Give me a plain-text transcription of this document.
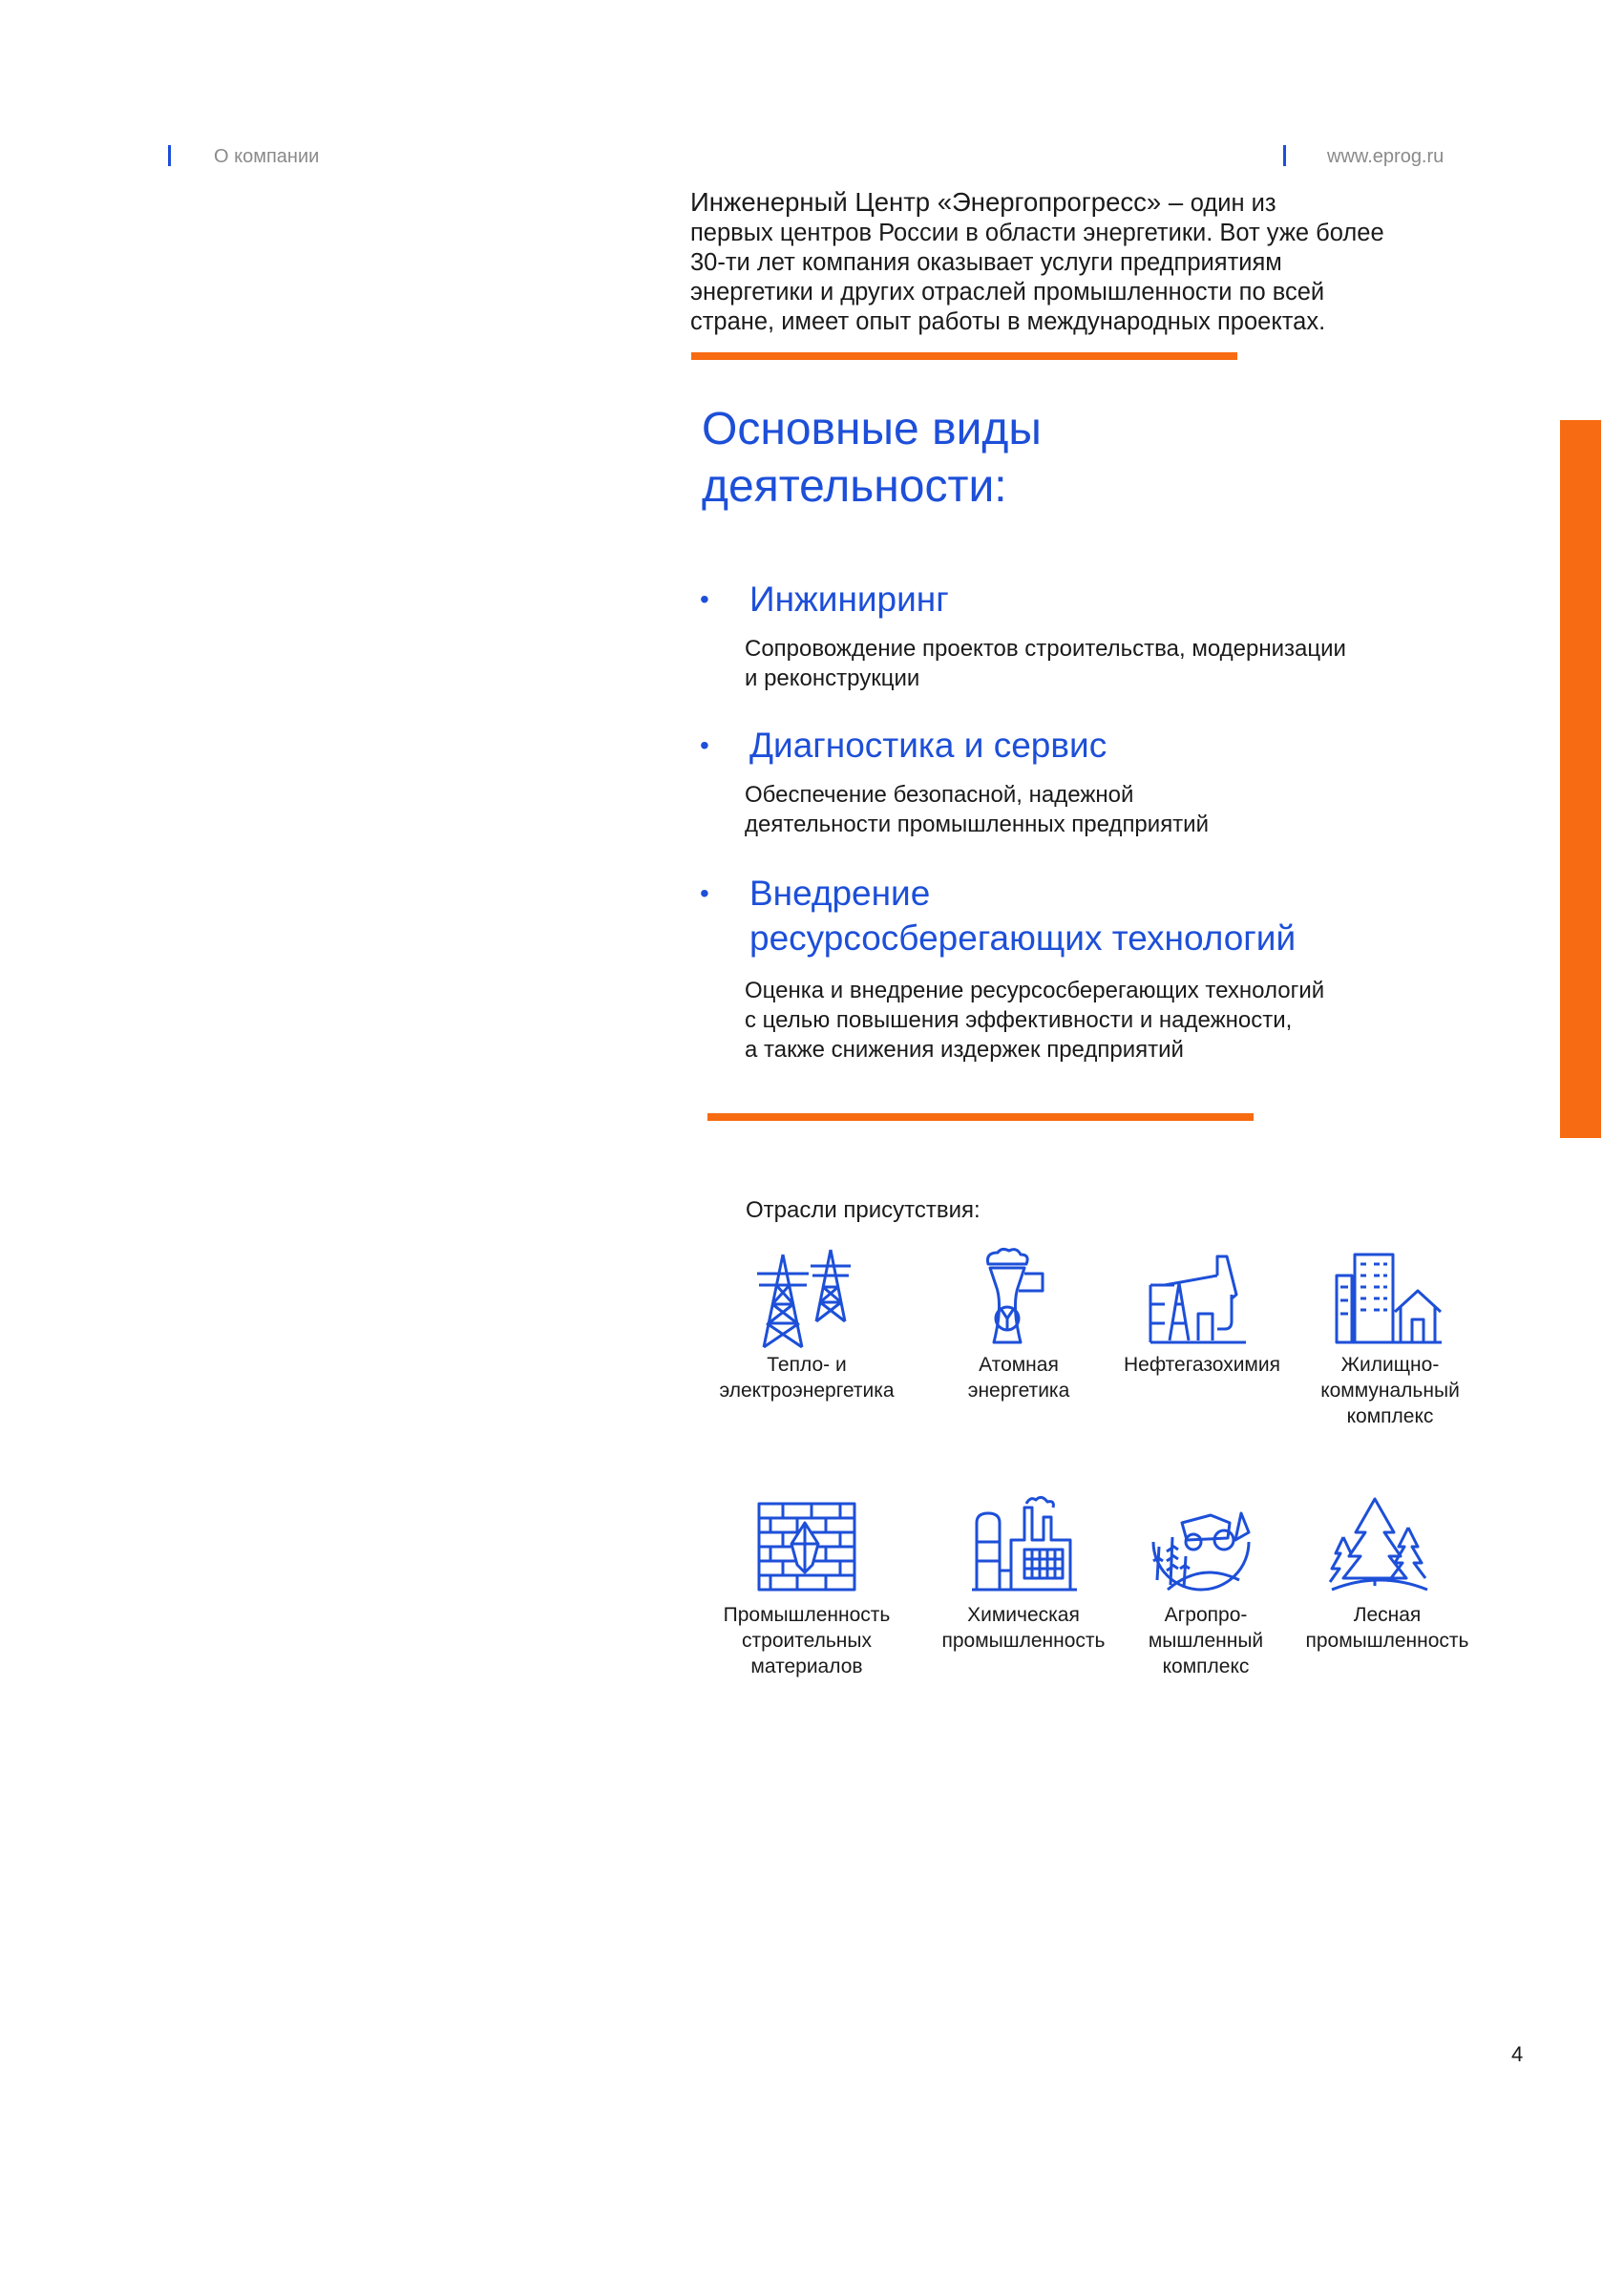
О компании	www.eprog.ru
Инженерный Центр «Энергопрогресс» – один из
первых центров России в области энергетики. Вот уже более
30-ти лет компания оказывает услуги предприятиям
энергетики и других отраслей промышленности по всей
стране, имеет опыт работы в международных проектах.
Основные виды
деятельности:
• Инжиниринг
Сопровождение проектов строительства, модернизации
и реконструкции
• Диагностика и сервис
Обеспечение безопасной, надежной
деятельности промышленных предприятий
• Внедрение
ресурсосберегающих технологий
Оценка и внедрение ресурсосберегающих технологий
с целью повышения эффективности и надежности,
а также снижения издержек предприятий
Отрасли присутствия:
Тепло- и
электроэнергетика
Атомная
энергетика
Нефтегазохимия	Жилищно-
коммунальный
комплекс
Промышленность
строительных
материалов
Химическая
промышленность
Агропро-
мышленный
комплекс
Лесная
промышленность
4
